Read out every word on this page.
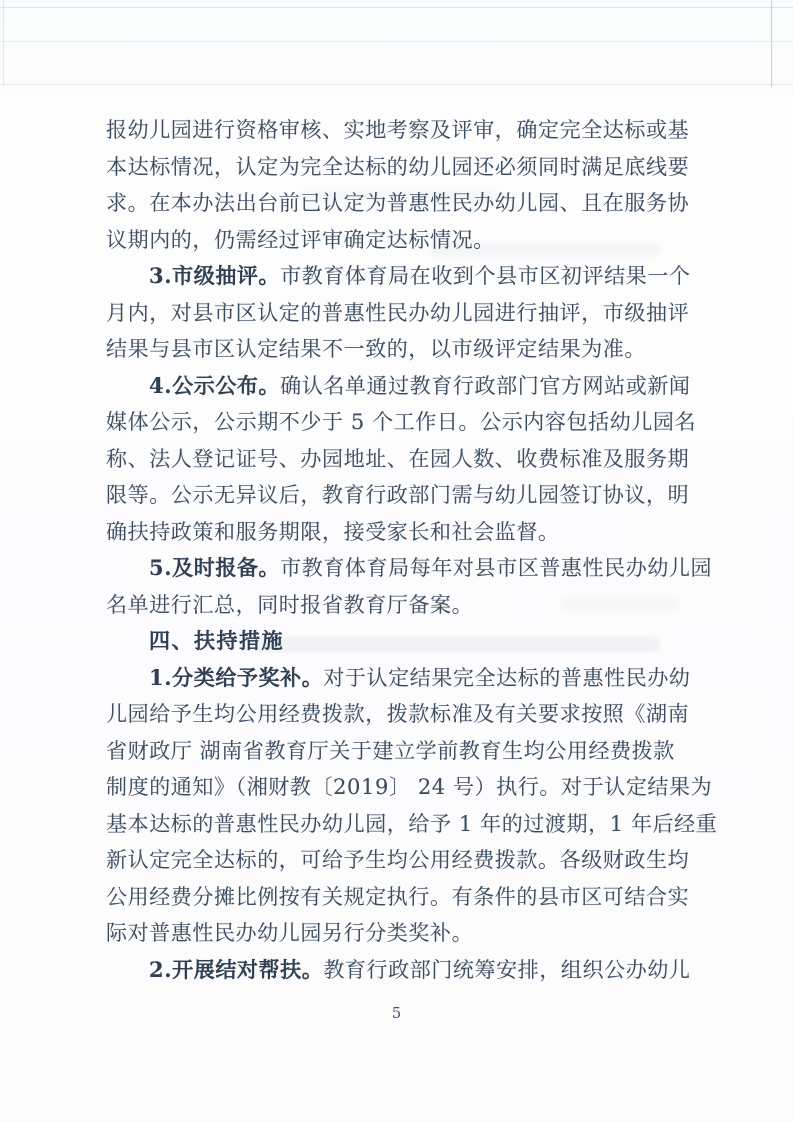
报幼儿园进行资格审核、实地考察及评审，确定完全达标或基
本达标情况，认定为完全达标的幼儿园还必须同时满足底线要
求。在本办法出台前已认定为普惠性民办幼儿园、且在服务协
议期内的，仍需经过评审确定达标情况。

3.市级抽评。市教育体育局在收到个县市区初评结果一个
月内，对县市区认定的普惠性民办幼儿园进行抽评，市级抽评
结果与县市区认定结果不一致的，以市级评定结果为准。

4.公示公布。确认名单通过教育行政部门官方网站或新闻
媒体公示，公示期不少于 5 个工作日。公示内容包括幼儿园名
称、法人登记证号、办园地址、在园人数、收费标准及服务期
限等。公示无异议后，教育行政部门需与幼儿园签订协议，明
确扶持政策和服务期限，接受家长和社会监督。

5.及时报备。市教育体育局每年对县市区普惠性民办幼儿园
名单进行汇总，同时报省教育厅备案。

四、扶持措施

1.分类给予奖补。对于认定结果完全达标的普惠性民办幼
儿园给予生均公用经费拨款，拨款标准及有关要求按照《湖南
省财政厅 湖南省教育厅关于建立学前教育生均公用经费拨款
制度的通知》（湘财教〔2019〕 24 号）执行。对于认定结果为
基本达标的普惠性民办幼儿园，给予 1 年的过渡期，1 年后经重
新认定完全达标的，可给予生均公用经费拨款。各级财政生均
公用经费分摊比例按有关规定执行。有条件的县市区可结合实
际对普惠性民办幼儿园另行分类奖补。

2.开展结对帮扶。教育行政部门统筹安排，组织公办幼儿

5
